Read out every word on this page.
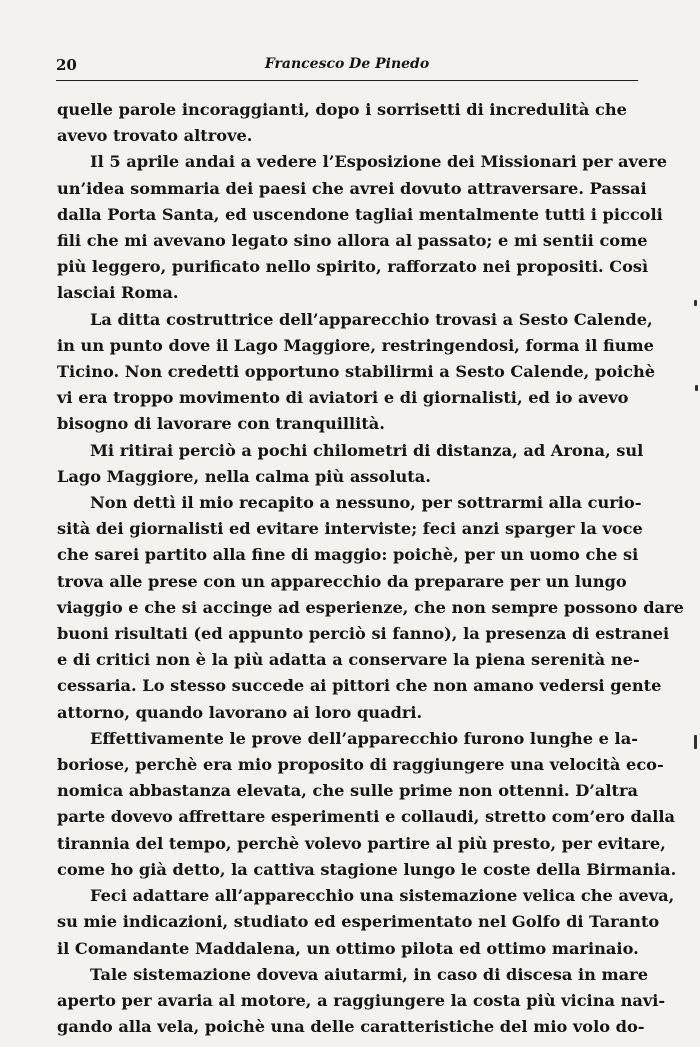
20	Francesco De Pinedo
quelle parole incoraggianti, dopo i sorrisetti di incredulità che
avevo trovato altrove.
Il 5 aprile andai a vedere l’Esposizione dei Missionari per avere
un’idea sommaria dei paesi che avrei dovuto attraversare. Passai
dalla Porta Santa, ed uscendone tagliai mentalmente tutti i piccoli
fili che mi avevano legato sino allora al passato; e mi sentii come
più leggero, purificato nello spirito, rafforzato nei propositi. Così
lasciai Roma.
La ditta costruttrice dell’apparecchio trovasi a Sesto Calende,
in un punto dove il Lago Maggiore, restringendosi, forma il fiume
Ticino. Non credetti opportuno stabilirmi a Sesto Calende, poichè
vi era troppo movimento di aviatori e di giornalisti, ed io avevo
bisogno di lavorare con tranquillità.
Mi ritirai perciò a pochi chilometri di distanza, ad Arona, sul
Lago Maggiore, nella calma più assoluta.
Non dettì il mio recapito a nessuno, per sottrarmi alla curio-
sità dei giornalisti ed evitare interviste; feci anzi sparger la voce
che sarei partito alla fine di maggio: poichè, per un uomo che si
trova alle prese con un apparecchio da preparare per un lungo
viaggio e che si accinge ad esperienze, che non sempre possono dare
buoni risultati (ed appunto perciò si fanno), la presenza di estranei
e di critici non è la più adatta a conservare la piena serenità ne-
cessaria. Lo stesso succede ai pittori che non amano vedersi gente
attorno, quando lavorano ai loro quadri.
Effettivamente le prove dell’apparecchio furono lunghe e la-
boriose, perchè era mio proposito di raggiungere una velocità eco-
nomica abbastanza elevata, che sulle prime non ottenni. D’altra
parte dovevo affrettare esperimenti e collaudi, stretto com’ero dalla
tirannia del tempo, perchè volevo partire al più presto, per evitare,
come ho già detto, la cattiva stagione lungo le coste della Birmania.
Feci adattare all’apparecchio una sistemazione velica che aveva,
su mie indicazioni, studiato ed esperimentato nel Golfo di Taranto
il Comandante Maddalena, un ottimo pilota ed ottimo marinaio.
Tale sistemazione doveva aiutarmi, in caso di discesa in mare
aperto per avaria al motore, a raggiungere la costa più vicina navi-
gando alla vela, poichè una delle caratteristiche del mio volo do-
